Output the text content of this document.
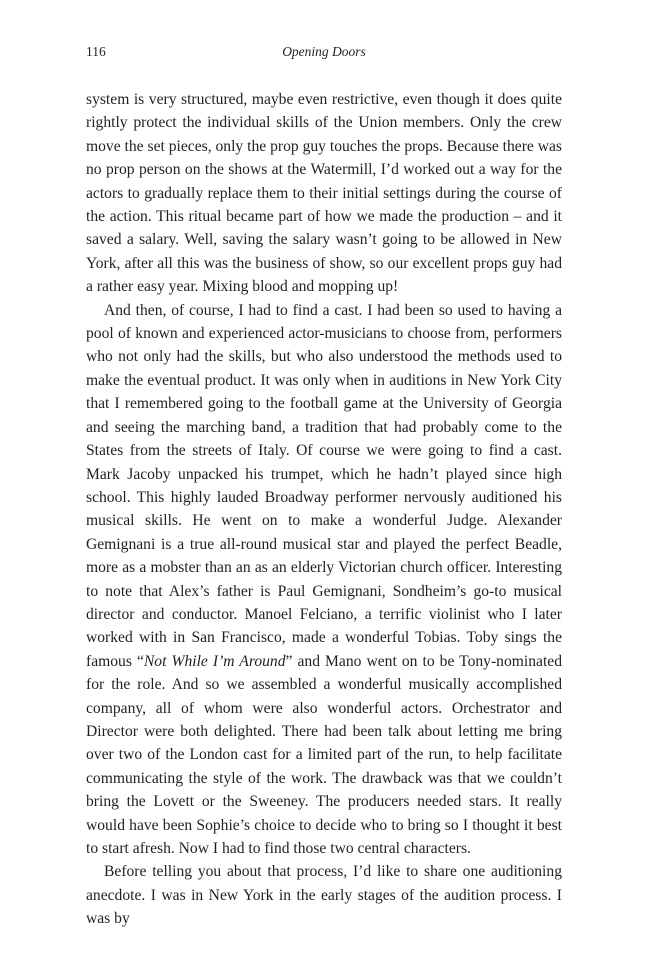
116	Opening Doors

system is very structured, maybe even restrictive, even though it does quite rightly protect the individual skills of the Union members. Only the crew move the set pieces, only the prop guy touches the props. Because there was no prop person on the shows at the Watermill, I’d worked out a way for the actors to gradually replace them to their initial settings during the course of the action. This ritual became part of how we made the production – and it saved a salary. Well, saving the salary wasn’t going to be allowed in New York, after all this was the business of show, so our excellent props guy had a rather easy year. Mixing blood and mopping up!

And then, of course, I had to find a cast. I had been so used to having a pool of known and experienced actor-musicians to choose from, performers who not only had the skills, but who also understood the methods used to make the eventual product. It was only when in auditions in New York City that I remembered going to the football game at the University of Georgia and seeing the marching band, a tradition that had probably come to the States from the streets of Italy. Of course we were going to find a cast. Mark Jacoby unpacked his trumpet, which he hadn’t played since high school. This highly lauded Broadway performer nervously auditioned his musical skills. He went on to make a wonderful Judge. Alexander Gemignani is a true all-round musical star and played the perfect Beadle, more as a mobster than an as an elderly Victorian church officer. Interesting to note that Alex’s father is Paul Gemignani, Sondheim’s go-to musical director and conductor. Manoel Felciano, a terrific violinist who I later worked with in San Francisco, made a wonderful Tobias. Toby sings the famous “Not While I’m Around” and Mano went on to be Tony-nominated for the role. And so we assembled a wonderful musically accomplished company, all of whom were also wonderful actors. Orchestrator and Director were both delighted. There had been talk about letting me bring over two of the London cast for a limited part of the run, to help facilitate communicating the style of the work. The drawback was that we couldn’t bring the Lovett or the Sweeney. The producers needed stars. It really would have been Sophie’s choice to decide who to bring so I thought it best to start afresh. Now I had to find those two central characters.

Before telling you about that process, I’d like to share one auditioning anecdote. I was in New York in the early stages of the audition process. I was by
